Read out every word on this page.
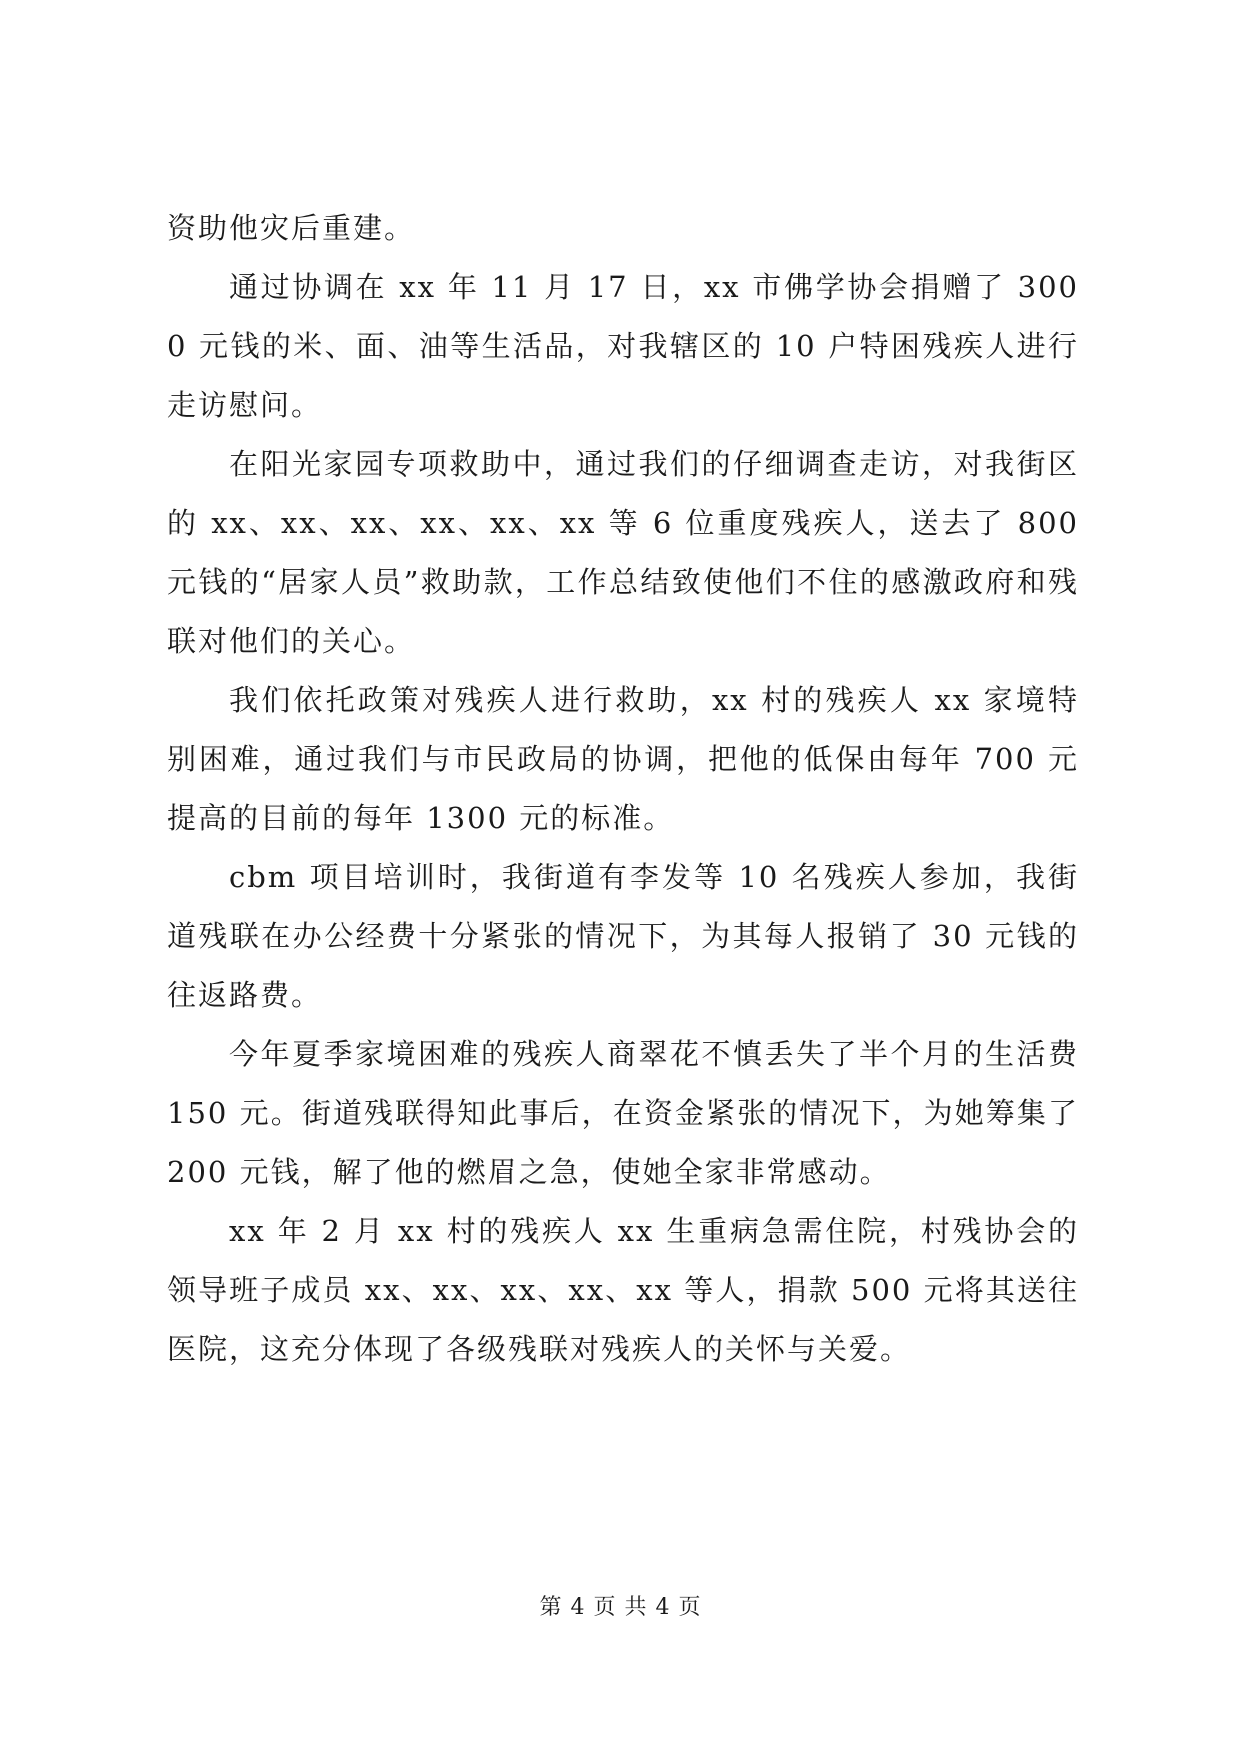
资助他灾后重建。

通过协调在 xx 年 11 月 17 日，xx 市佛学协会捐赠了 3000 元钱的米、面、油等生活品，对我辖区的 10 户特困残疾人进行走访慰问。

在阳光家园专项救助中，通过我们的仔细调查走访，对我街区的 xx、xx、xx、xx、xx、xx 等 6 位重度残疾人，送去了 800 元钱的“居家人员”救助款，工作总结致使他们不住的感激政府和残联对他们的关心。

我们依托政策对残疾人进行救助，xx 村的残疾人 xx 家境特别困难，通过我们与市民政局的协调，把他的低保由每年 700 元提高的目前的每年 1300 元的标准。

cbm 项目培训时，我街道有李发等 10 名残疾人参加，我街道残联在办公经费十分紧张的情况下，为其每人报销了 30 元钱的往返路费。

今年夏季家境困难的残疾人商翠花不慎丢失了半个月的生活费 150 元。街道残联得知此事后，在资金紧张的情况下，为她筹集了 200 元钱，解了他的燃眉之急，使她全家非常感动。

xx 年 2 月 xx 村的残疾人 xx 生重病急需住院，村残协会的领导班子成员 xx、xx、xx、xx、xx 等人，捐款 500 元将其送往医院，这充分体现了各级残联对残疾人的关怀与关爱。

第 4 页 共 4 页
